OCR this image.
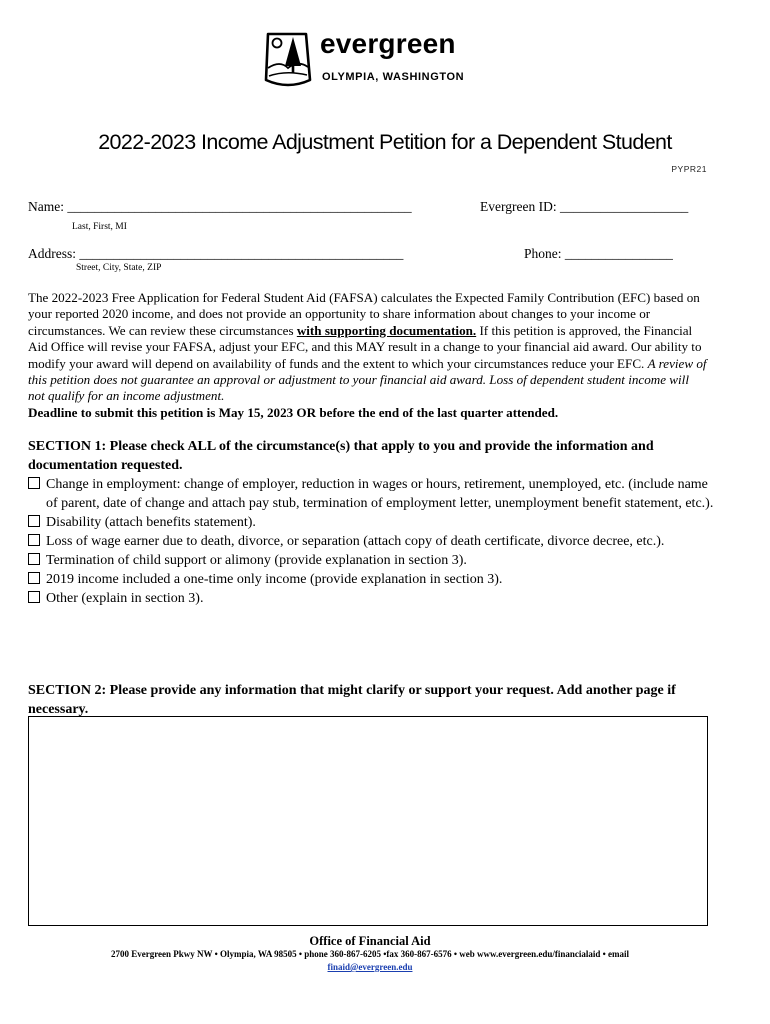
evergreen
OLYMPIA, WASHINGTON
2022-2023 Income Adjustment Petition for a Dependent Student
PYPR21
Name: ___________________________________________________
Last, First, MI
Evergreen ID: ___________________
Address: ________________________________________________
Street, City, State, ZIP
Phone: ________________
The 2022-2023 Free Application for Federal Student Aid (FAFSA) calculates the Expected Family Contribution (EFC) based on your reported 2020 income, and does not provide an opportunity to share information about changes to your income or circumstances. We can review these circumstances with supporting documentation. If this petition is approved, the Financial Aid Office will revise your FAFSA, adjust your EFC, and this MAY result in a change to your financial aid award. Our ability to modify your award will depend on availability of funds and the extent to which your circumstances reduce your EFC. A review of this petition does not guarantee an approval or adjustment to your financial aid award. Loss of dependent student income will not qualify for an income adjustment.
Deadline to submit this petition is May 15, 2023 OR before the end of the last quarter attended.
SECTION 1: Please check ALL of the circumstance(s) that apply to you and provide the information and documentation requested.
Change in employment: change of employer, reduction in wages or hours, retirement, unemployed, etc. (include name of parent, date of change and attach pay stub, termination of employment letter, unemployment benefit statement, etc.).
Disability (attach benefits statement).
Loss of wage earner due to death, divorce, or separation (attach copy of death certificate, divorce decree, etc.).
Termination of child support or alimony (provide explanation in section 3).
2019 income included a one-time only income (provide explanation in section 3).
Other (explain in section 3).
SECTION 2: Please provide any information that might clarify or support your request. Add another page if necessary.
Office of Financial Aid
2700 Evergreen Pkwy NW • Olympia, WA 98505 • phone 360-867-6205 •fax 360-867-6576 • web www.evergreen.edu/financialaid • email
finaid@evergreen.edu
